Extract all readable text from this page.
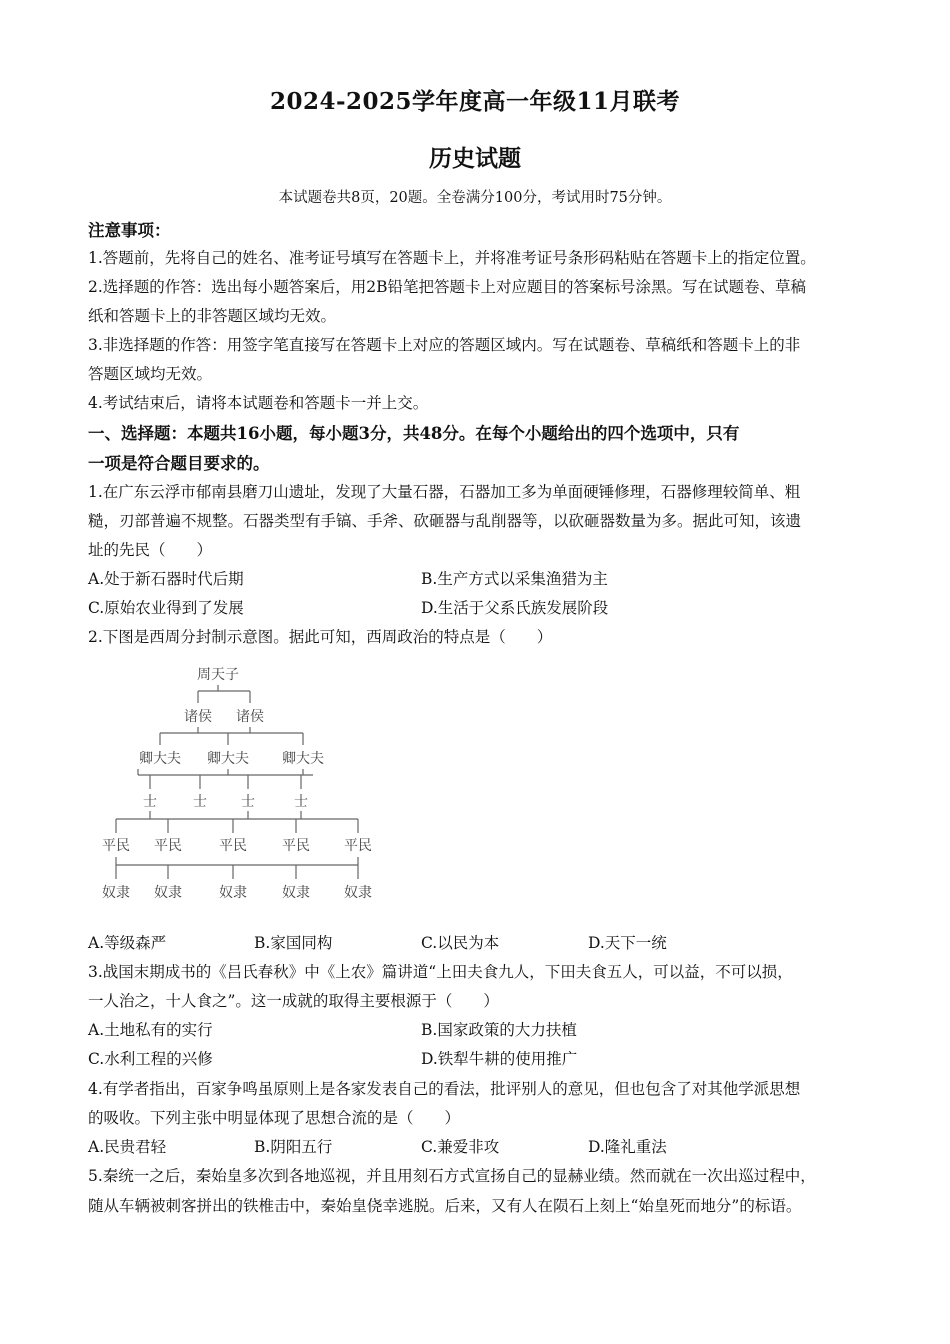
2024-2025学年度高一年级11月联考
历史试题
本试题卷共8页，20题。全卷满分100分，考试用时75分钟。
注意事项：
1.答题前，先将自己的姓名、准考证号填写在答题卡上，并将准考证号条形码粘贴在答题卡上的指定位置。
2.选择题的作答：选出每小题答案后，用2B铅笔把答题卡上对应题目的答案标号涂黑。写在试题卷、草稿
纸和答题卡上的非答题区域均无效。
3.非选择题的作答：用签字笔直接写在答题卡上对应的答题区域内。写在试题卷、草稿纸和答题卡上的非
答题区域均无效。
4.考试结束后，请将本试题卷和答题卡一并上交。
一、选择题：本题共16小题，每小题3分，共48分。在每个小题给出的四个选项中，只有
一项是符合题目要求的。
1.在广东云浮市郁南县磨刀山遗址，发现了大量石器，石器加工多为单面硬锤修理，石器修理较简单、粗
糙，刃部普遍不规整。石器类型有手镐、手斧、砍砸器与乱削器等，以砍砸器数量为多。据此可知，该遗
址的先民（　　）
A.处于新石器时代后期	B.生产方式以采集渔猎为主
C.原始农业得到了发展	D.生活于父系氏族发展阶段
2.下图是西周分封制示意图。据此可知，西周政治的特点是（　　）
周天子
诸侯 诸侯
卿大夫 卿大夫 卿大夫
士	士 士	士
平民 平民	平民	平民 平民
奴隶 奴隶	奴隶	奴隶 奴隶
A.等级森严	B.家国同构	C.以民为本	D.天下一统
3.战国末期成书的《吕氏春秋》中《上农》篇讲道“上田夫食九人，下田夫食五人，可以益，不可以损，
一人治之，十人食之”。这一成就的取得主要根源于（　　）
A.土地私有的实行	B.国家政策的大力扶植
C.水利工程的兴修	D.铁犁牛耕的使用推广
4.有学者指出，百家争鸣虽原则上是各家发表自己的看法，批评别人的意见，但也包含了对其他学派思想
的吸收。下列主张中明显体现了思想合流的是（　　）
A.民贵君轻	B.阴阳五行	C.兼爱非攻	D.隆礼重法
5.秦统一之后，秦始皇多次到各地巡视，并且用刻石方式宣扬自己的显赫业绩。然而就在一次出巡过程中，
随从车辆被刺客拼出的铁椎击中，秦始皇侥幸逃脱。后来，又有人在陨石上刻上“始皇死而地分”的标语。
